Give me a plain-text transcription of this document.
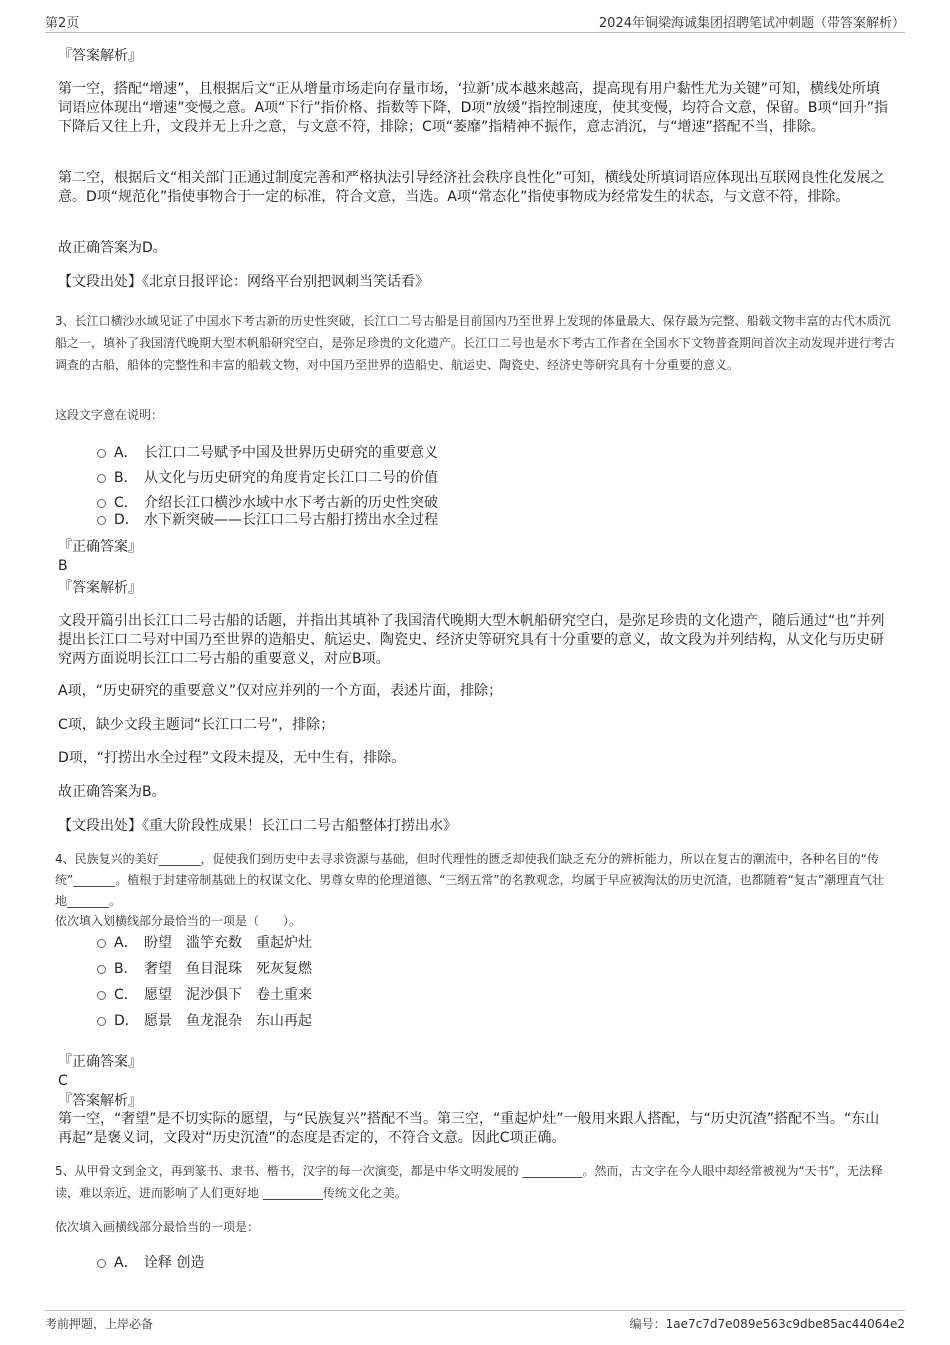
第2页	2024年铜梁海诚集团招聘笔试冲刺题（带答案解析）
『答案解析』

第一空，搭配“增速”，且根据后文“正从增量市场走向存量市场，‘拉新’成本越来越高，提高现有用户黏性尤为关键”可知，横线处所填词语应体现出“增速”变慢之意。A项“下行”指价格、指数等下降，D项“放缓”指控制速度，使其变慢，均符合文意，保留。B项“回升”指下降后又往上升，文段并无上升之意，与文意不符，排除；C项“萎靡”指精神不振作，意志消沉，与“增速”搭配不当，排除。

第二空，根据后文“相关部门正通过制度完善和严格执法引导经济社会秩序良性化”可知，横线处所填词语应体现出互联网良性化发展之意。D项“规范化”指使事物合于一定的标准，符合文意，当选。A项“常态化”指使事物成为经常发生的状态，与文意不符，排除。

故正确答案为D。
【文段出处】《北京日报评论：网络平台别把讽刺当笑话看》

3、长江口横沙水域见证了中国水下考古新的历史性突破，长江口二号古船是目前国内乃至世界上发现的体量最大、保存最为完整、船载文物丰富的古代木质沉船之一，填补了我国清代晚期大型木帆船研究空白，是弥足珍贵的文化遗产。长江口二号也是水下考古工作者在全国水下文物普查期间首次主动发现并进行考古调查的古船，船体的完整性和丰富的船载文物，对中国乃至世界的造船史、航运史、陶瓷史、经济史等研究具有十分重要的意义。

这段文字意在说明：
A． 长江口二号赋予中国及世界历史研究的重要意义
B． 从文化与历史研究的角度肯定长江口二号的价值
C． 介绍长江口横沙水域中水下考古新的历史性突破
D． 水下新突破——长江口二号古船打捞出水全过程
『正确答案』
B
『答案解析』

文段开篇引出长江口二号古船的话题，并指出其填补了我国清代晚期大型木帆船研究空白，是弥足珍贵的文化遗产，随后通过“也”并列提出长江口二号对中国乃至世界的造船史、航运史、陶瓷史、经济史等研究具有十分重要的意义，故文段为并列结构，从文化与历史研究两方面说明长江口二号古船的重要意义，对应B项。

A项，“历史研究的重要意义”仅对应并列的一个方面，表述片面，排除；
C项，缺少文段主题词“长江口二号”，排除；
D项，“打捞出水全过程”文段未提及，无中生有，排除。
故正确答案为B。
【文段出处】《重大阶段性成果！长江口二号古船整体打捞出水》

4、民族复兴的美好_______，促使我们到历史中去寻求资源与基础，但时代理性的匮乏却使我们缺乏充分的辨析能力，所以在复古的潮流中，各种名目的“传统”_______。植根于封建帝制基础上的权谋文化、男尊女卑的伦理道德、“三纲五常”的名教观念，均属于早应被淘汰的历史沉渣，也都随着“复古”潮理直气壮地_______。

依次填入划横线部分最恰当的一项是（　　）。
A． 盼望 滥竽充数 重起炉灶
B． 奢望 鱼目混珠 死灰复燃
C． 愿望 泥沙俱下 卷土重来
D． 愿景 鱼龙混杂 东山再起
『正确答案』
C
『答案解析』

第一空，“奢望”是不切实际的愿望，与“民族复兴”搭配不当。第三空，“重起炉灶”一般用来跟人搭配，与“历史沉渣”搭配不当。“东山再起”是褒义词，文段对“历史沉渣”的态度是否定的，不符合文意。因此C项正确。

5、从甲骨文到金文，再到篆书、隶书、楷书，汉字的每一次演变，都是中华文明发展的 __________。然而，古文字在今人眼中却经常被视为“天书”，无法释读，难以亲近，进而影响了人们更好地 __________传统文化之美。

依次填入画横线部分最恰当的一项是：
A． 诠释 创造
考前押题，上岸必备	编号：1ae7c7d7e089e563c9dbe85ac44064e2
